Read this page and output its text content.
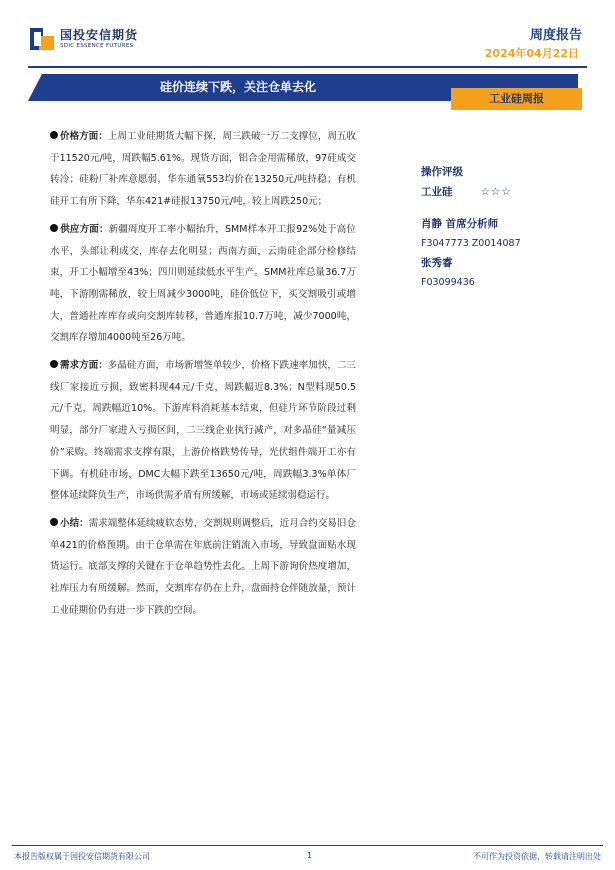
国投安信期货
SDIC ESSENCE FUTURES
周度报告
2024年04月22日
硅价连续下跌，关注仓单去化
工业硅周报

价格方面：上周工业硅期货大幅下探，周三跌破一万二支撑位，周五收于11520元/吨，周跌幅5.61%。现货方面，铝合金用需稀放，97硅成交转冷；硅粉厂补库意愿弱，华东通氧553均价在13250元/吨持稳；有机硅开工有所下降，华东421#硅报13750元/吨，较上周跌250元；

供应方面：新疆周度开工率小幅抬升，SMM样本开工报92%处于高位水平，头部让利成交，库存去化明显；西南方面，云南硅企部分检修结束，开工小幅增至43%；四川则延续低水平生产。SMM社库总量36.7万吨，下游刚需稀放，较上周减少3000吨，硅价低位下，买交割吸引或增大，普通社库库存或向交割库转移，普通库报10.7万吨，减少7000吨，交割库存增加4000吨至26万吨。

需求方面：多晶硅方面，市场新增签单较少，价格下跌速率加快，二三线厂家接近亏损，致密料现44元/千克，周跌幅近8.3%；N型料现50.5元/千克，周跌幅近10%。下游库料消耗基本结束，但硅片环节阶段过剩明显，部分厂家进入亏损区间，二三线企业执行减产，对多晶硅“量减压价”采购。终端需求支撑有限，上游价格跌势传导，光伏组件端开工亦有下调。有机硅市场，DMC大幅下跌至13650元/吨，周跌幅3.3%单体厂整体延续降负生产，市场供需矛盾有所缓解，市场或延续弱稳运行。

小结：需求端整体延续疲软态势，交割规则调整后，近月合约交易旧仓单421的价格预期。由于仓单需在年底前注销流入市场，导致盘面贴水现货运行。底部支撑的关键在于仓单趋势性去化。上周下游询价热度增加，社库压力有所缓解。然而，交割库存仍在上升，盘面持仓伴随放量，预计工业硅期价仍有进一步下跌的空间。

操作评级
工业硅	☆☆☆
肖静 首席分析师
F3047773 Z0014087
张秀睿
F03099436
本报告版权属于国投安信期货有限公司	1	不可作为投资依据，转载请注明出处
